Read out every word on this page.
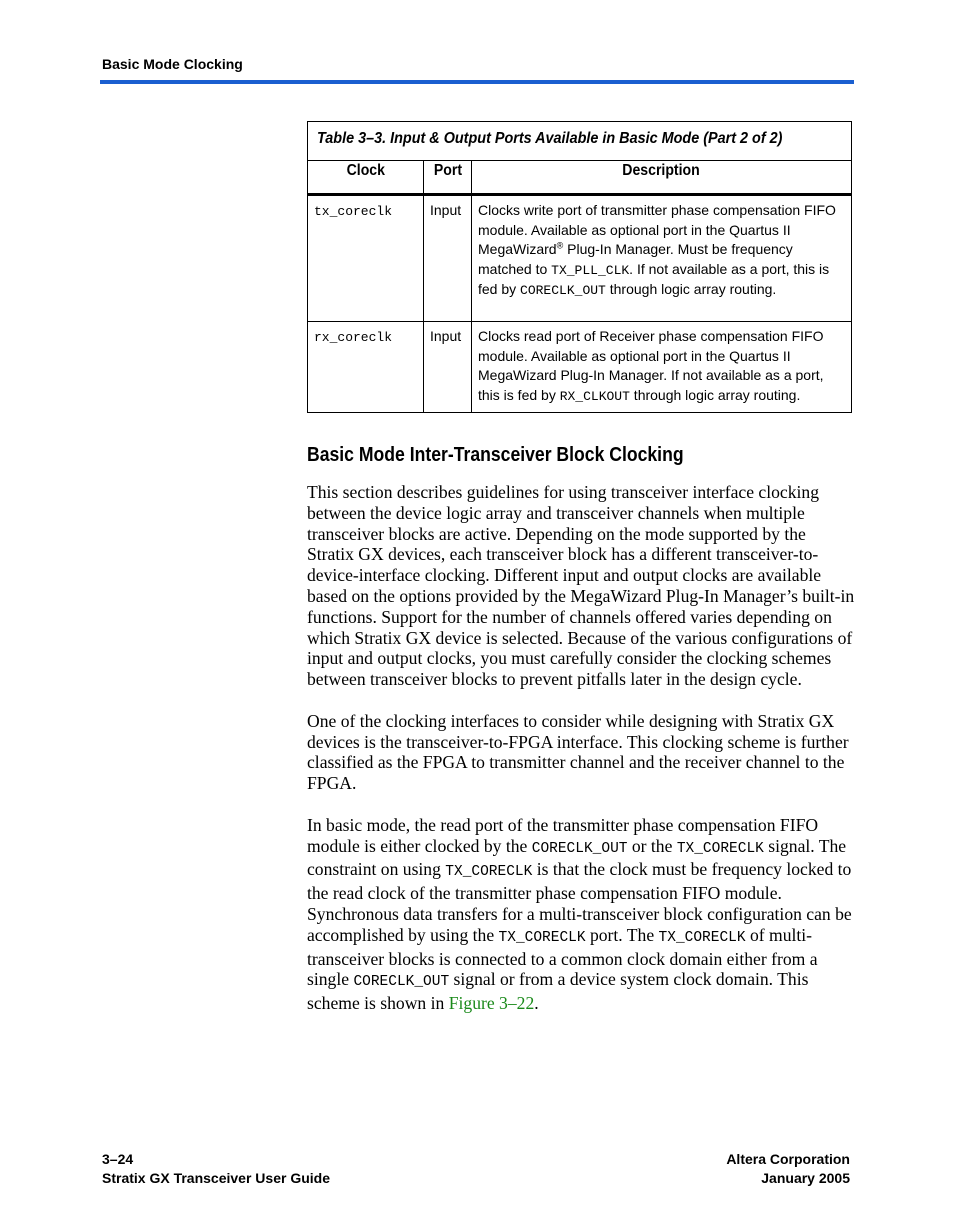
Basic Mode Clocking
Table 3–3. Input & Output Ports Available in Basic Mode (Part 2 of 2)		

Clock	Port	Description
tx_coreclk	Input	Clocks write port of transmitter phase compensation FIFO module. Available as optional port in the Quartus II MegaWizard® Plug-In Manager. Must be frequency matched to TX_PLL_CLK. If not available as a port, this is fed by CORECLK_OUT through logic array routing.
rx_coreclk	Input	Clocks read port of Receiver phase compensation FIFO module. Available as optional port in the Quartus II MegaWizard Plug-In Manager. If not available as a port, this is fed by RX_CLKOUT through logic array routing.
Basic Mode Inter-Transceiver Block Clocking

This section describes guidelines for using transceiver interface clocking between the device logic array and transceiver channels when multiple transceiver blocks are active. Depending on the mode supported by the Stratix GX devices, each transceiver block has a different transceiver-to-device-interface clocking. Different input and output clocks are available based on the options provided by the MegaWizard Plug-In Manager’s built-in functions. Support for the number of channels offered varies depending on which Stratix GX device is selected. Because of the various configurations of input and output clocks, you must carefully consider the clocking schemes between transceiver blocks to prevent pitfalls later in the design cycle.

One of the clocking interfaces to consider while designing with Stratix GX devices is the transceiver-to-FPGA interface. This clocking scheme is further classified as the FPGA to transmitter channel and the receiver channel to the FPGA.

In basic mode, the read port of the transmitter phase compensation FIFO module is either clocked by the CORECLK_OUT or the TX_CORECLK signal. The constraint on using TX_CORECLK is that the clock must be frequency locked to the read clock of the transmitter phase compensation FIFO module. Synchronous data transfers for a multi-transceiver block configuration can be accomplished by using the TX_CORECLK port. The TX_CORECLK of multi-transceiver blocks is connected to a common clock domain either from a single CORECLK_OUT signal or from a device system clock domain. This scheme is shown in Figure 3–22.

3–24
Stratix GX Transceiver User Guide
Altera Corporation
January 2005
